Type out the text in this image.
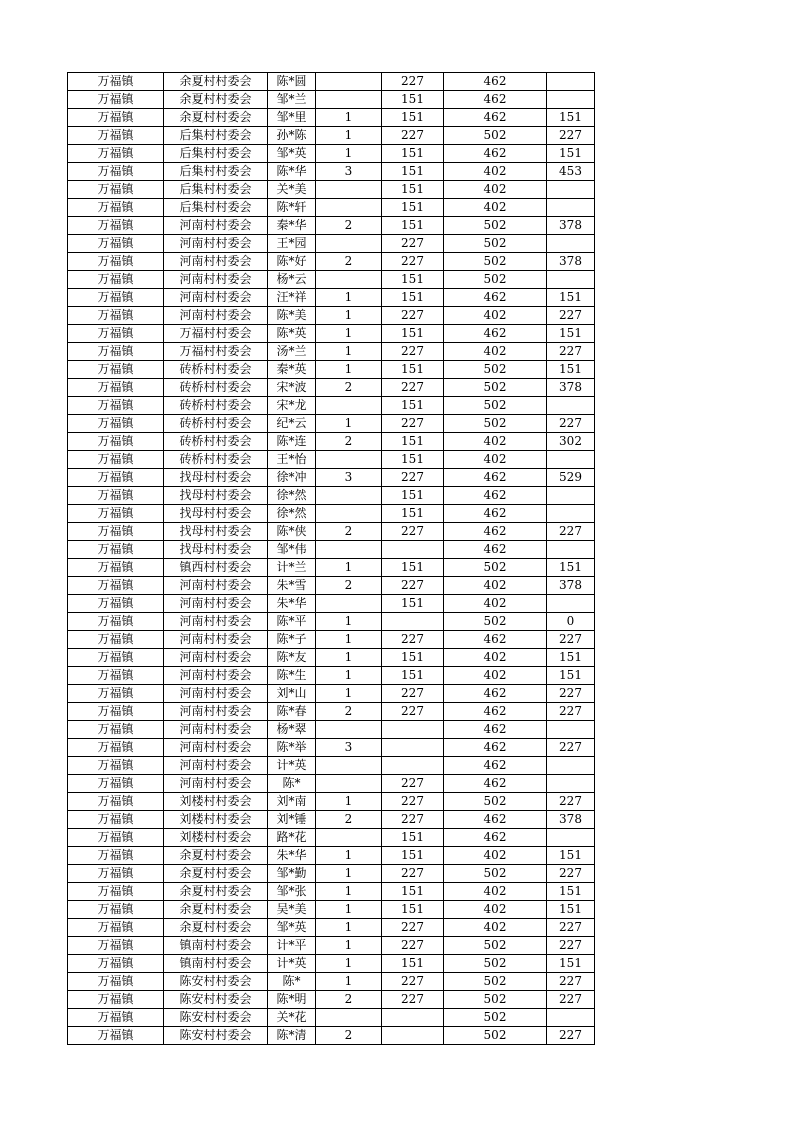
万福镇	余夏村村委会	陈*圆		227	462	
万福镇	余夏村村委会	邹*兰		151	462	
万福镇	余夏村村委会	邹*里	1	151	462	151
万福镇	后集村村委会	孙*陈	1	227	502	227
万福镇	后集村村委会	邹*英	1	151	462	151
万福镇	后集村村委会	陈*华	3	151	402	453
万福镇	后集村村委会	关*美		151	402	
万福镇	后集村村委会	陈*轩		151	402	
万福镇	河南村村委会	秦*华	2	151	502	378
万福镇	河南村村委会	王*园		227	502	
万福镇	河南村村委会	陈*好	2	227	502	378
万福镇	河南村村委会	杨*云		151	502	
万福镇	河南村村委会	汪*祥	1	151	462	151
万福镇	河南村村委会	陈*美	1	227	402	227
万福镇	万福村村委会	陈*英	1	151	462	151
万福镇	万福村村委会	汤*兰	1	227	402	227
万福镇	砖桥村村委会	秦*英	1	151	502	151
万福镇	砖桥村村委会	宋*波	2	227	502	378
万福镇	砖桥村村委会	宋*龙		151	502	
万福镇	砖桥村村委会	纪*云	1	227	502	227
万福镇	砖桥村村委会	陈*连	2	151	402	302
万福镇	砖桥村村委会	王*怡		151	402	
万福镇	找母村村委会	徐*冲	3	227	462	529
万福镇	找母村村委会	徐*然		151	462	
万福镇	找母村村委会	徐*然		151	462	
万福镇	找母村村委会	陈*侠	2	227	462	227
万福镇	找母村村委会	邹*伟			462	
万福镇	镇西村村委会	计*兰	1	151	502	151
万福镇	河南村村委会	朱*雪	2	227	402	378
万福镇	河南村村委会	朱*华		151	402	
万福镇	河南村村委会	陈*平	1		502	0
万福镇	河南村村委会	陈*子	1	227	462	227
万福镇	河南村村委会	陈*友	1	151	402	151
万福镇	河南村村委会	陈*生	1	151	402	151
万福镇	河南村村委会	刘*山	1	227	462	227
万福镇	河南村村委会	陈*春	2	227	462	227
万福镇	河南村村委会	杨*翠			462	
万福镇	河南村村委会	陈*举	3		462	227
万福镇	河南村村委会	计*英			462	
万福镇	河南村村委会	陈*		227	462	
万福镇	刘楼村村委会	刘*南	1	227	502	227
万福镇	刘楼村村委会	刘*锤	2	227	462	378
万福镇	刘楼村村委会	路*花		151	462	
万福镇	余夏村村委会	朱*华	1	151	402	151
万福镇	余夏村村委会	邹*勤	1	227	502	227
万福镇	余夏村村委会	邹*张	1	151	402	151
万福镇	余夏村村委会	吴*美	1	151	402	151
万福镇	余夏村村委会	邹*英	1	227	402	227
万福镇	镇南村村委会	计*平	1	227	502	227
万福镇	镇南村村委会	计*英	1	151	502	151
万福镇	陈安村村委会	陈*	1	227	502	227
万福镇	陈安村村委会	陈*明	2	227	502	227
万福镇	陈安村村委会	关*花			502	
万福镇	陈安村村委会	陈*清	2		502	227
